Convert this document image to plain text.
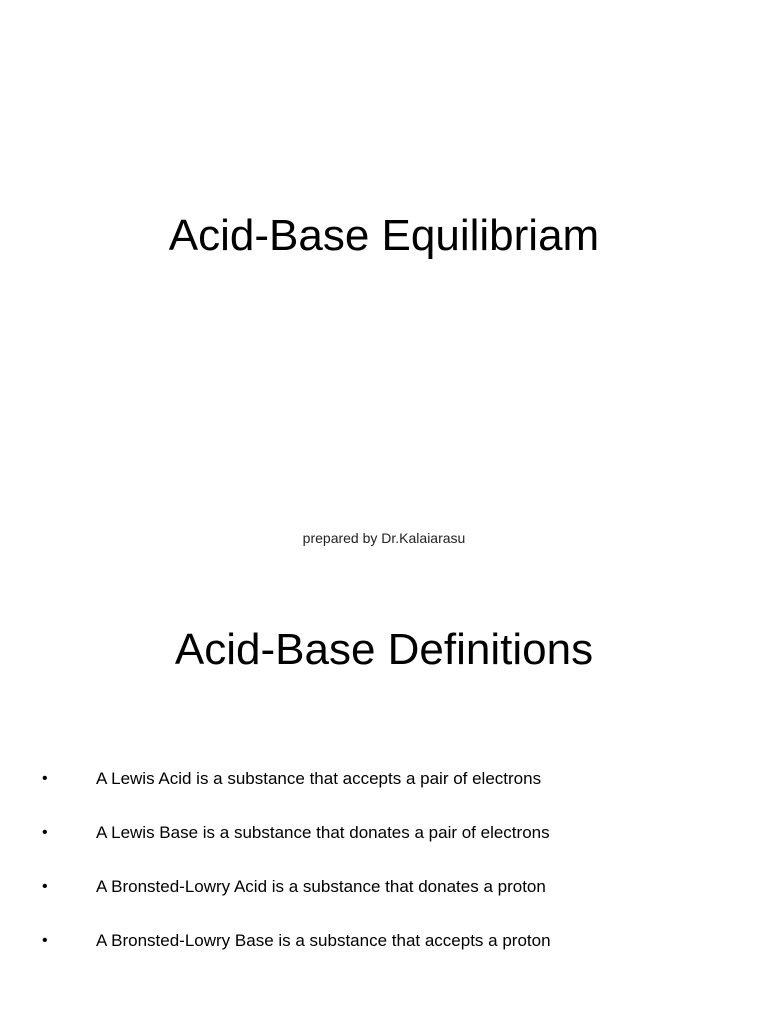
Acid-Base Equilibriam

prepared by Dr.Kalaiarasu

Acid-Base Definitions
•	A Lewis Acid is a substance that accepts a pair of electrons
•	A Lewis Base is a substance that donates a pair of electrons
•	A Bronsted-Lowry Acid is a substance that donates a proton
•	A Bronsted-Lowry Base is a substance that accepts a proton
